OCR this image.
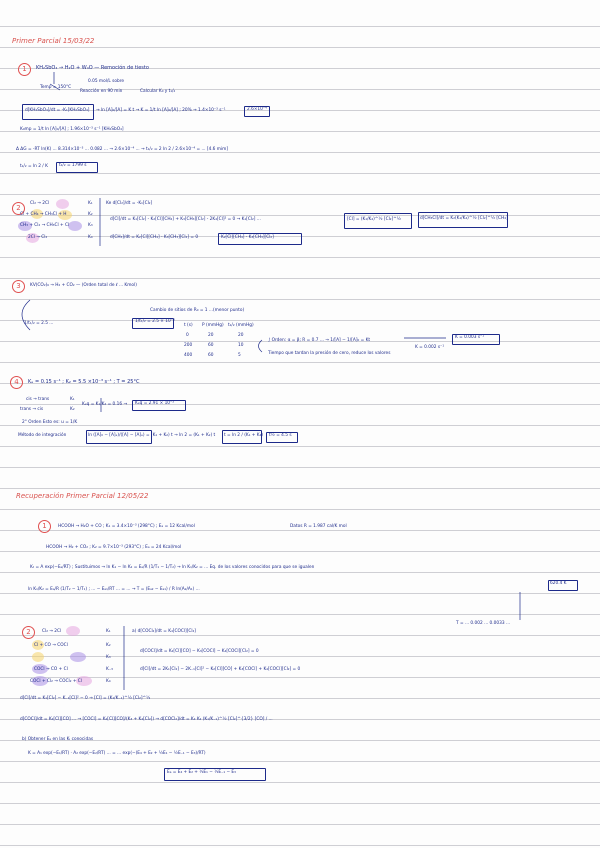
Primer Parcial 15/03/22
1	KH₂SbO₄ → H₂O + W₄O — Remoción de tiesto
0.05 mol/L sobre
Temp = 150°C
Reacción en 90 min	Calcular K₀ y t₁/₂
d[KH₂SbO₄]/dt = -K₁[KH₂SbO₄] → ln [A]₀/[A] = K t → K = 1/t ln [A]₀/[A] ; 20% → 1.4×10⁻³ s⁻¹	2.6×10⁻⁴
K₀mp = 1/t ln [A]₀/[A] ; 1.96×10⁻³ s⁻¹ [KH₂SbO₄]
Δ ΔG = -RT ln(K) ... 8.314×10⁻³ ... 0.082 ... → 2.6×10⁻⁴ ... → t₁/₂ = 2 ln 2 / 2.6×10⁻⁴ = ... [4.6 mim]
t₁/₂ = ln 2 / K	t₁/₂ = 1799 s
2
Cl₂ → 2Cl
Cl + CH₄ → CH₃Cl + H
CH₃ + Cl₂ → CH₃Cl + Cl
2Cl → Cl₂
K₁
K₂
K₃
K₄
Ke d[Cl₂]/dt = -K₁[Cl₂]
d[Cl]/dt = K₁[Cl₂] - K₂[Cl][CH₄] + K₃[CH₃][Cl₂] - 2K₄[Cl]² = 0 → K₁[Cl₂] ...
d[CH₃]/dt = K₂[Cl][CH₄] - K₃[CH₃][Cl₂] = 0
[Cl] = (K₁/K₄)^½ [Cl₂]^½	d[CH₃Cl]/dt = K₂(K₁/K₄)^½ [Cl₂]^½ [CH₄]
K₂[Cl][CH₄] - K₃[CH₃][Cl₂]
3	KV(CO₂)₆ → H₂ + CO₂ — (Orden total de ℓ ... Kmol)
Cambio de sitios de R₀ = 1 ...(menor punto)
1/t₁/₂ = 2.5 ...	1/t₁/₂ = 2.5 × 10⁻³
t (s) P (mmHg) t₁/₂ (mmHg)
0	20	20
200	60	10
400	60	5
∫ Orden: α = β; R = 0.7 ... → 1/[A] − 1/[A]₀ = Kt
Tiempo que tardan la presión de cero, reduce los valores
K = 0.003 s⁻¹
K = 0.002 s⁻¹
4	Kₑ = 0.15 s⁻¹ ; K₂ = 5.5 ×10⁻³ s⁻¹ ; T = 25°C
cis → trans
trans → cis
K₁
K₂
Kₑq = K₁/K₂ = 0.16 → Kₑq = 2.91 × 10⁻³
2° Orden Esto es: u = 1/K
Método de integración	ln ([A]₀ − [A]ₑ)/([A] − [A]ₑ) = (K₁ + K₂) t → ln 2 = (K₁ + K₂) t t = ln 2 / (K₁ + K₂) t½ = 4.5 s
Recuperación Primer Parcial 12/05/22
1	HCOOH → H₂O + CO ; K₁ = 3.4×10⁻³ (298°C) ; Eₐ = 12 Kcal/mol	Datos R = 1.987 cal/K mol
HCOOH → H₂ + CO₂ ; K₂ = 9.7×10⁻³ (293°C) ; Eₐ = 24 Kcal/mol
Kₜ = A exp(−Eₐ/RT) ; Sustituimos → ln K₁ − ln K₂ = Eₐ/R (1/T₁ − 1/T₂) → ln K₁/K₂ = ... Eq. de los valores conocidos para que se igualen
ln K₁/K₂ = Eₐ/R (1/T₂ − 1/T₁) ; ... − Eₐ₁/RT ... = ... → T = (Eₐ₂ − Eₐ₁) / R ln(A₂/A₁) ...
620.4 K
T = ... 0.002 ... 0.0033 ...
2	Cl₂ → 2Cl
Cl + CO → COCl
COCl → CO + Cl
COCl + Cl₂ → COCl₂ + Cl
K₁
K₂
K₃
K₋₃
K₄
a) d[COCl₂]/dt = K₄[COCl][Cl₂]
d[COCl]/dt = K₂[Cl][CO] − K₃[COCl] − K₄[COCl][Cl₂] = 0
d[Cl]/dt = 2K₁[Cl₂] − 2K₋₁[Cl]² − K₂[Cl][CO] + K₃[COCl] + K₄[COCl][Cl₂] = 0
d[Cl]/dt = K₁[Cl₂] − K₋₁[Cl]² − 0 → [Cl] = (K₁/K₋₁)^½ [Cl₂]^½
d[COCl]/dt = K₂[Cl][CO] ... → [COCl] = K₂[Cl][CO]/(K₃ + K₄[Cl₂]) → d[COCl₂]/dt = K₄ K₂ (K₁/K₋₁)^½ [Cl₂]^{3/2} [CO] / ...
b) Obtener Eₐ en las Kᵢ conocidas
K = A₁ exp(−E₁/RT) · A₂ exp(−E₂/RT) ... = ... exp(−(E₄ + E₂ + ½E₁ − ½E₋₁ − E₃)/RT)
Eₐ = E₄ + E₂ + ½E₁ − ½E₋₁ − E₃
